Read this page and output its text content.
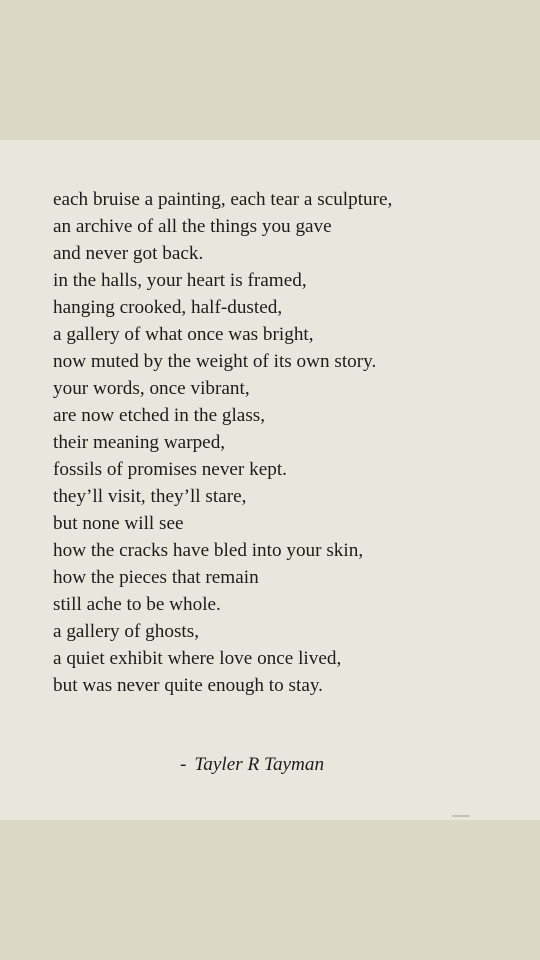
each bruise a painting, each tear a sculpture,
an archive of all the things you gave
and never got back.
in the halls, your heart is framed,
hanging crooked, half-dusted,
a gallery of what once was bright,
now muted by the weight of its own story.
your words, once vibrant,
are now etched in the glass,
their meaning warped,
fossils of promises never kept.
they’ll visit, they’ll stare,
but none will see
how the cracks have bled into your skin,
how the pieces that remain
still ache to be whole.
a gallery of ghosts,
a quiet exhibit where love once lived,
but was never quite enough to stay.
- Tayler R Tayman
